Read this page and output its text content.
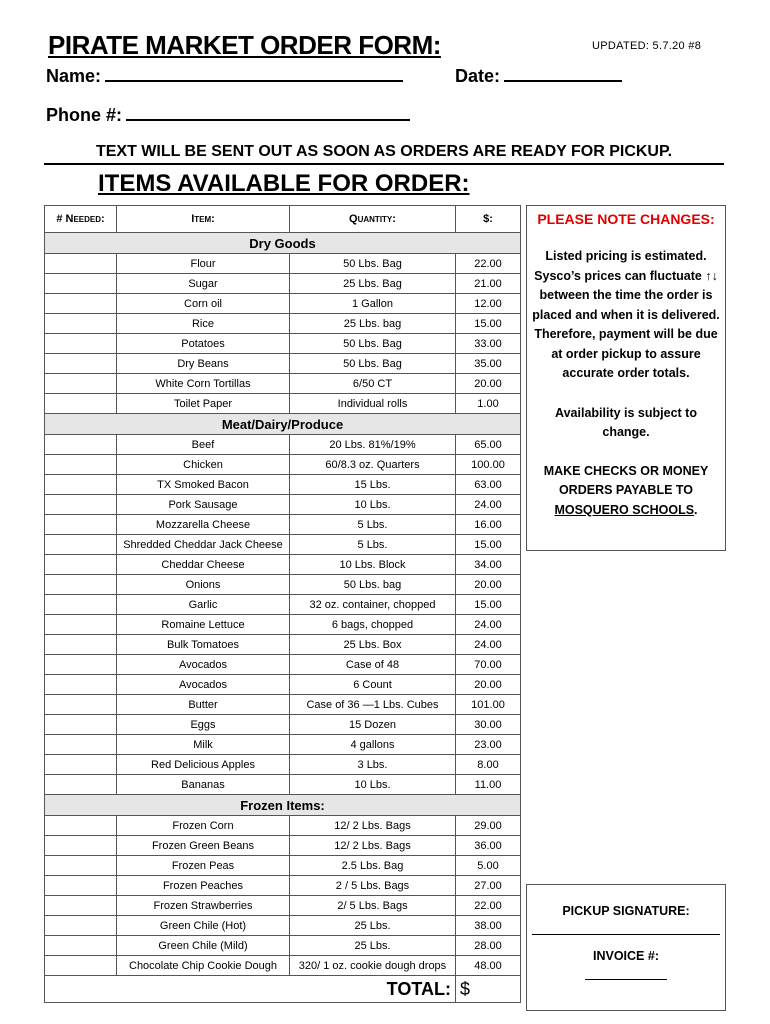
PIRATE MARKET ORDER FORM:	UPDATED: 5.7.20 #8
Name:	Date:
Phone #:
TEXT WILL BE SENT OUT AS SOON AS ORDERS ARE READY FOR PICKUP.
ITEMS AVAILABLE FOR ORDER:
# Needed:	Item:	Quantity:	$:
Dry Goods			
	Flour	50 Lbs. Bag	22.00
	Sugar	25 Lbs. Bag	21.00
	Corn oil	1 Gallon	12.00
	Rice	25 Lbs. bag	15.00
	Potatoes	50 Lbs. Bag	33.00
	Dry Beans	50 Lbs. Bag	35.00
	White Corn Tortillas	6/50 CT	20.00
	Toilet Paper	Individual rolls	1.00
Meat/Dairy/Produce			
	Beef	20 Lbs. 81%/19%	65.00
	Chicken	60/8.3 oz. Quarters	100.00
	TX Smoked Bacon	15 Lbs.	63.00
	Pork Sausage	10 Lbs.	24.00
	Mozzarella Cheese	5 Lbs.	16.00
	Shredded Cheddar Jack Cheese	5 Lbs.	15.00
	Cheddar Cheese	10 Lbs. Block	34.00
	Onions	50 Lbs. bag	20.00
	Garlic	32 oz. container, chopped	15.00
	Romaine Lettuce	6 bags, chopped	24.00
	Bulk Tomatoes	25 Lbs. Box	24.00
	Avocados	Case of 48	70.00
	Avocados	6 Count	20.00
	Butter	Case of 36 —1 Lbs. Cubes	101.00
	Eggs	15 Dozen	30.00
	Milk	4 gallons	23.00
	Red Delicious Apples	3 Lbs.	8.00
	Bananas	10 Lbs.	11.00
Frozen Items:			
	Frozen Corn	12/ 2 Lbs. Bags	29.00
	Frozen Green Beans	12/ 2 Lbs. Bags	36.00
	Frozen Peas	2.5 Lbs. Bag	5.00
	Frozen Peaches	2 / 5 Lbs. Bags	27.00
	Frozen Strawberries	2/ 5 Lbs. Bags	22.00
	Green Chile (Hot)	25 Lbs.	38.00
	Green Chile (Mild)	25 Lbs.	28.00
	Chocolate Chip Cookie Dough	320/ 1 oz. cookie dough drops	48.00
TOTAL:			$
PLEASE NOTE CHANGES:
Listed pricing is estimated. Sysco’s prices can fluctuate ↑↓ between the time the order is placed and when it is delivered. Therefore, payment will be due at order pickup to assure accurate order totals.
Availability is subject to change.
MAKE CHECKS OR MONEY ORDERS PAYABLE TO MOSQUERO SCHOOLS.
PICKUP SIGNATURE:
INVOICE #:
